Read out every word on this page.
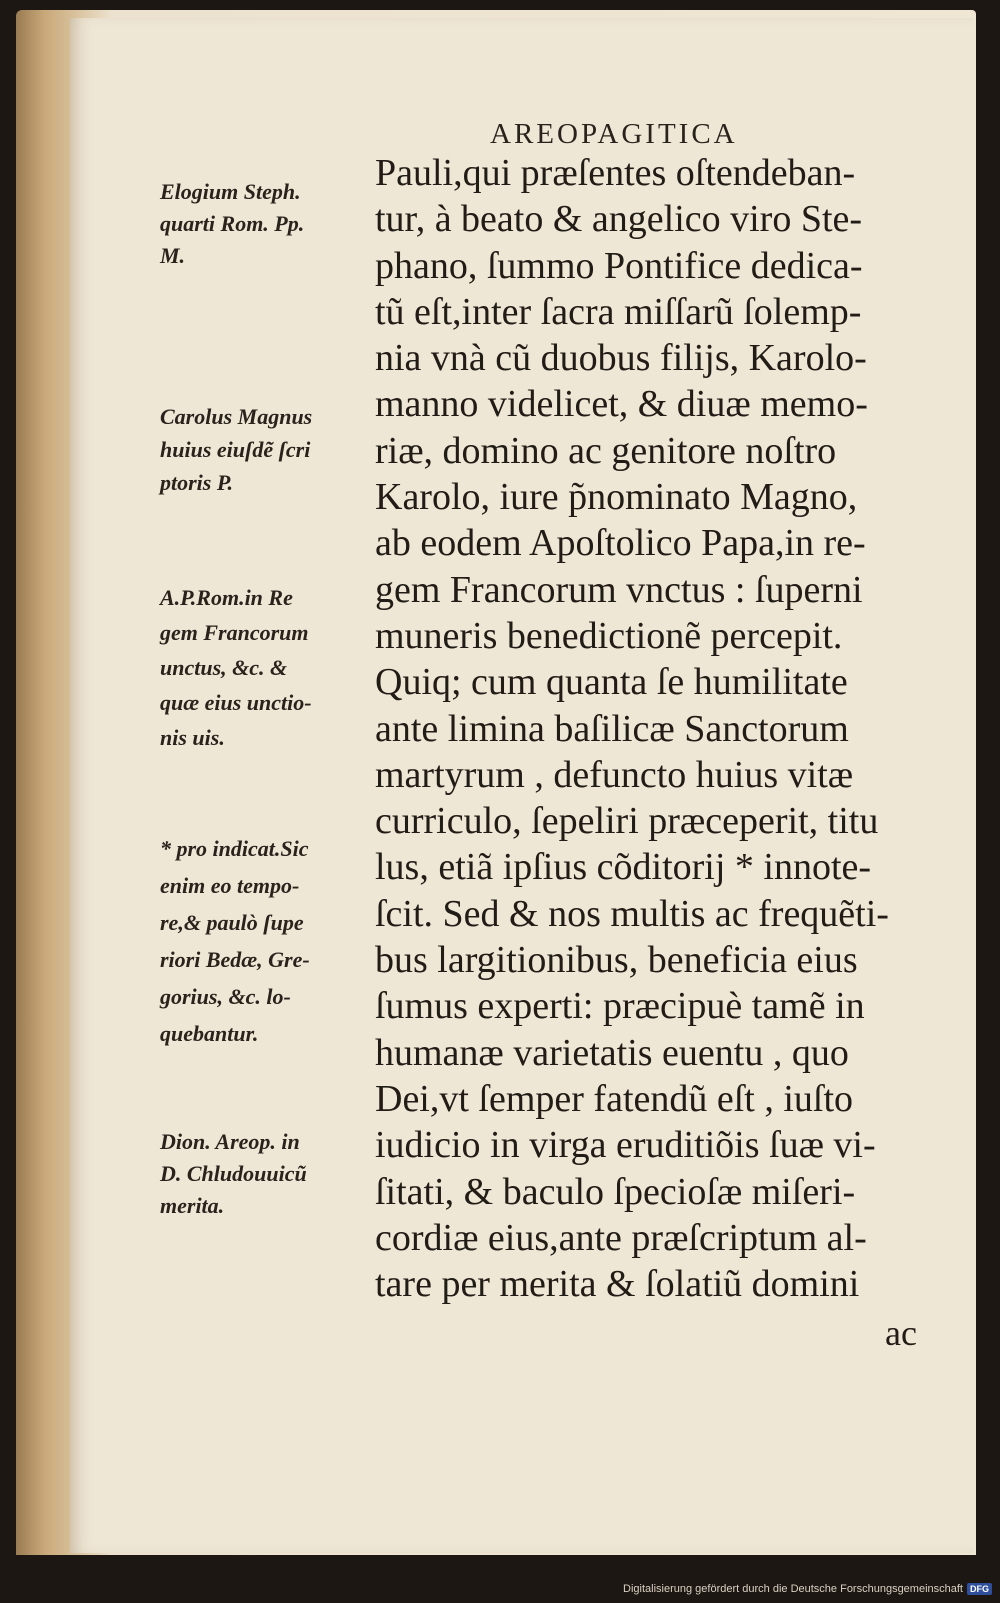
AREOPAGITICA
Pauli,qui præſentes oſtendeban-
tur, à beato & angelico viro Ste-
phano, ſummo Pontifice dedica-
tũ eſt,inter ſacra miſſarũ ſolemp-
nia vnà cũ duobus filijs, Karolo-
manno videlicet, & diuæ memo-
riæ, domino ac genitore noſtro
Karolo, iure p̃nominato Magno,
ab eodem Apoſtolico Papa,in re-
gem Francorum vnctus : ſuperni
muneris benedictionẽ percepit.
Quiq; cum quanta ſe humilitate
ante limina baſilicæ Sanctorum
martyrum , defuncto huius vitæ
curriculo, ſepeliri præceperit, titu
lus, etiã ipſius cõditorij * innote-
ſcit. Sed & nos multis ac frequẽti-
bus largitionibus, beneficia eius
ſumus experti: præcipuè tamẽ in
humanæ varietatis euentu , quo
Dei,vt ſemper fatendũ eſt , iuſto
iudicio in virga eruditiõis ſuæ vi-
ſitati, & baculo ſpecioſæ miſeri-
cordiæ eius,ante præſcriptum al-
tare per merita & ſolatiũ domini
ac
Elogium Steph.
quarti Rom. Pp.
M.
Carolus Magnus
huius eiuſdẽ ſcri
ptoris P.
A.P.Rom.in Re
gem Francorum
unctus, &c. &
quæ eius unctio-
nis uis.
* pro indicat.Sic
enim eo tempo-
re,& paulò ſupe
riori Bedæ, Gre-
gorius, &c. lo-
quebantur.
Dion. Areop. in
D. Chludouuicũ
merita.
Digitalisierung gefördert durch die Deutsche Forschungsgemeinschaft DFG
